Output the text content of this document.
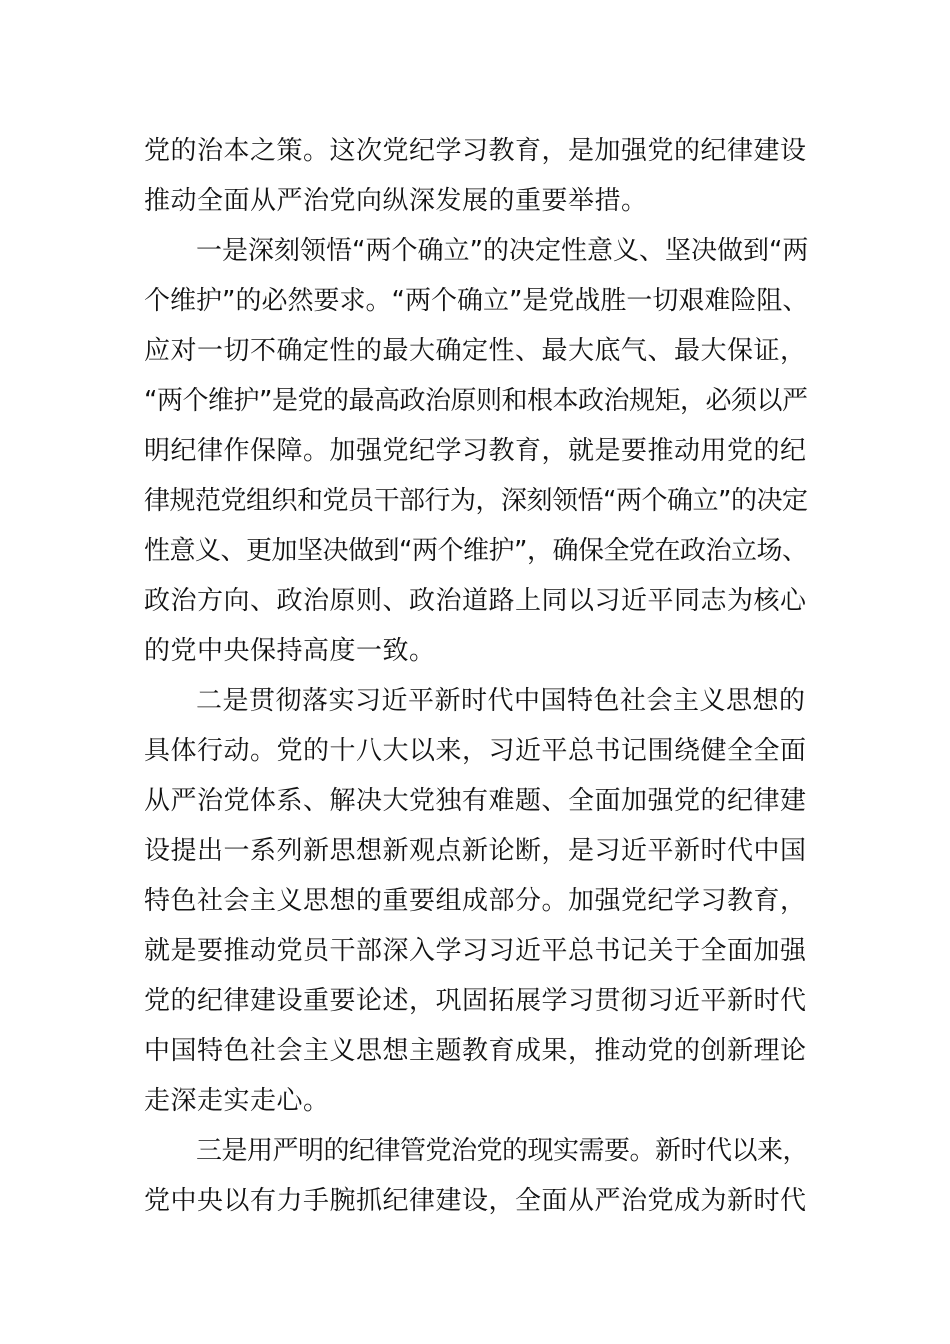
党的治本之策。这次党纪学习教育，是加强党的纪律建设
推动全面从严治党向纵深发展的重要举措。
一是深刻领悟“两个确立”的决定性意义、坚决做到“两
个维护”的必然要求。“两个确立”是党战胜一切艰难险阻、
应对一切不确定性的最大确定性、最大底气、最大保证，
“两个维护”是党的最高政治原则和根本政治规矩，必须以严
明纪律作保障。加强党纪学习教育，就是要推动用党的纪
律规范党组织和党员干部行为，深刻领悟“两个确立”的决定
性意义、更加坚决做到“两个维护”，确保全党在政治立场、
政治方向、政治原则、政治道路上同以习近平同志为核心
的党中央保持高度一致。
二是贯彻落实习近平新时代中国特色社会主义思想的
具体行动。党的十八大以来，习近平总书记围绕健全全面
从严治党体系、解决大党独有难题、全面加强党的纪律建
设提出一系列新思想新观点新论断，是习近平新时代中国
特色社会主义思想的重要组成部分。加强党纪学习教育，
就是要推动党员干部深入学习习近平总书记关于全面加强
党的纪律建设重要论述，巩固拓展学习贯彻习近平新时代
中国特色社会主义思想主题教育成果，推动党的创新理论
走深走实走心。
三是用严明的纪律管党治党的现实需要。新时代以来，
党中央以有力手腕抓纪律建设，全面从严治党成为新时代
